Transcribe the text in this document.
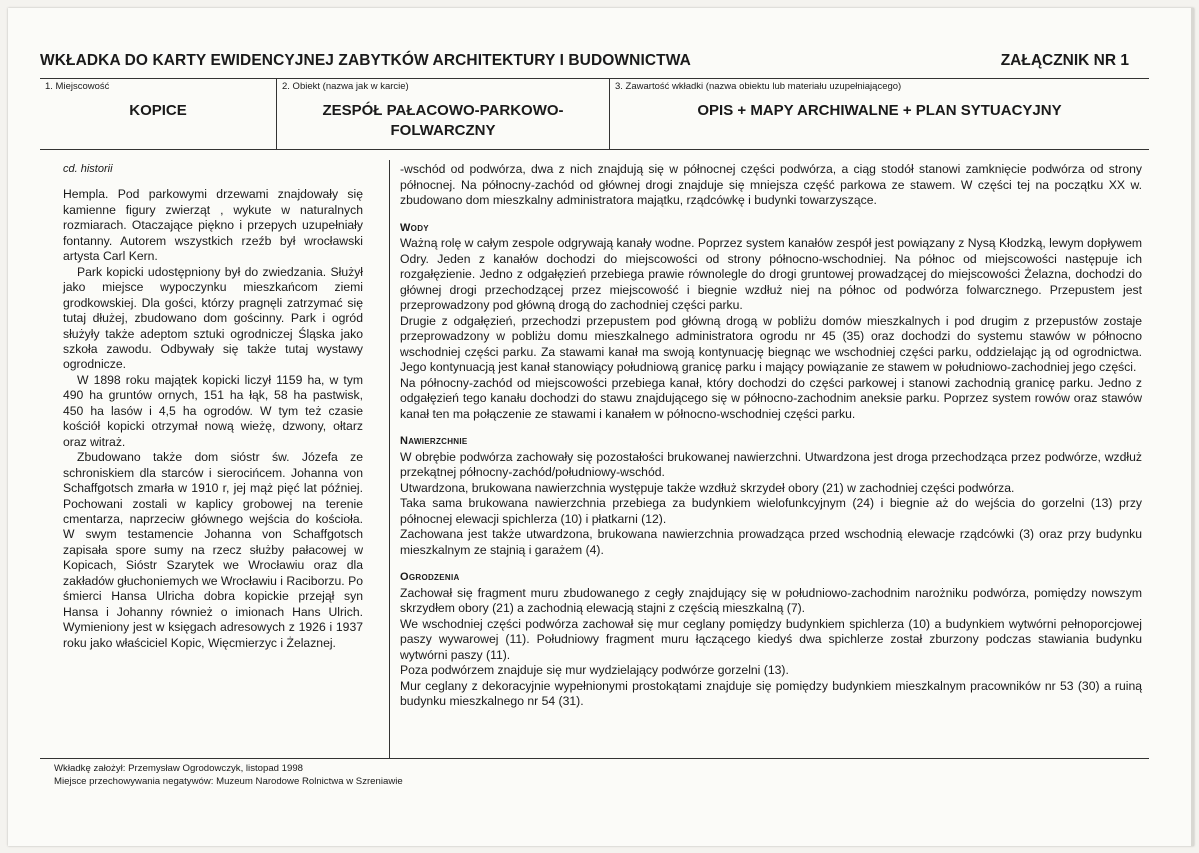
WKŁADKA DO KARTY EWIDENCYJNEJ ZABYTKÓW ARCHITEKTURY I BUDOWNICTWA	ZAŁĄCZNIK NR 1
1. Miejscowość
KOPICE
2. Obiekt (nazwa jak w karcie)
ZESPÓŁ PAŁACOWO-PARKOWO-FOLWARCZNY
3. Zawartość wkładki (nazwa obiektu lub materiału uzupełniającego)
OPIS + MAPY ARCHIWALNE + PLAN SYTUACYJNY

cd. historii

Hempla. Pod parkowymi drzewami znajdowały się kamienne figury zwierząt , wykute w naturalnych rozmiarach. Otaczające piękno i przepych uzupełniały fontanny. Autorem wszystkich rzeźb był wrocławski artysta Carl Kern.

Park kopicki udostępniony był do zwiedzania. Służył jako miejsce wypoczynku mieszkańcom ziemi grodkowskiej. Dla gości, którzy pragnęli zatrzymać się tutaj dłużej, zbudowano dom gościnny. Park i ogród służyły także adeptom sztuki ogrodniczej Śląska jako szkoła zawodu. Odbywały się także tutaj wystawy ogrodnicze.

W 1898 roku majątek kopicki liczył 1159 ha, w tym 490 ha gruntów ornych, 151 ha łąk, 58 ha pastwisk, 450 ha lasów i 4,5 ha ogrodów. W tym też czasie kościół kopicki otrzymał nową wieżę, dzwony, ołtarz oraz witraż.

Zbudowano także dom sióstr św. Józefa ze schroniskiem dla starców i sierocińcem. Johanna von Schaffgotsch zmarła w 1910 r, jej mąż pięć lat później. Pochowani zostali w kaplicy grobowej na terenie cmentarza, naprzeciw głównego wejścia do kościoła. W swym testamencie Johanna von Schaffgotsch zapisała spore sumy na rzecz służby pałacowej w Kopicach, Sióstr Szarytek we Wrocławiu oraz dla zakładów głuchoniemych we Wrocławiu i Raciborzu. Po śmierci Hansa Ulricha dobra kopickie przejął syn Hansa i Johanny również o imionach Hans Ulrich. Wymieniony jest w księgach adresowych z 1926 i 1937 roku jako właściciel Kopic, Więcmierzyc i Żelaznej.

-wschód od podwórza, dwa z nich znajdują się w północnej części podwórza, a ciąg stodół stanowi zamknięcie podwórza od strony północnej. Na północny-zachód od głównej drogi znajduje się mniejsza część parkowa ze stawem. W części tej na początku XX w. zbudowano dom mieszkalny administratora majątku, rządcówkę i budynki towarzyszące.

Wody

Ważną rolę w całym zespole odgrywają kanały wodne. Poprzez system kanałów zespół jest powiązany z Nysą Kłodzką, lewym dopływem Odry. Jeden z kanałów dochodzi do miejscowości od strony północno-wschodniej. Na północ od miejscowości następuje ich rozgałęzienie. Jedno z odgałęzień przebiega prawie równolegle do drogi gruntowej prowadzącej do miejscowości Żelazna, dochodzi do głównej drogi przechodzącej przez miejscowość i biegnie wzdłuż niej na północ od podwórza folwarcznego. Przepustem jest przeprowadzony pod główną drogą do zachodniej części parku.

Drugie z odgałęzień, przechodzi przepustem pod główną drogą w pobliżu domów mieszkalnych i pod drugim z przepustów zostaje przeprowadzony w pobliżu domu mieszkalnego administratora ogrodu nr 45 (35) oraz dochodzi do systemu stawów w północno wschodniej części parku. Za stawami kanał ma swoją kontynuację biegnąc we wschodniej części parku, oddzielając ją od ogrodnictwa. Jego kontynuacją jest kanał stanowiący południową granicę parku i mający powiązanie ze stawem w południowo-zachodniej jego części.

Na północny-zachód od miejscowości przebiega kanał, który dochodzi do części parkowej i stanowi zachodnią granicę parku. Jedno z odgałęzień tego kanału dochodzi do stawu znajdującego się w północno-zachodnim aneksie parku. Poprzez system rowów oraz stawów kanał ten ma połączenie ze stawami i kanałem w północno-wschodniej części parku.

Nawierzchnie

W obrębie podwórza zachowały się pozostałości brukowanej nawierzchni. Utwardzona jest droga przechodząca przez podwórze, wzdłuż przekątnej północny-zachód/południowy-wschód.

Utwardzona, brukowana nawierzchnia występuje także wzdłuż skrzydeł obory (21) w zachodniej części podwórza.

Taka sama brukowana nawierzchnia przebiega za budynkiem wielofunkcyjnym (24) i biegnie aż do wejścia do gorzelni (13) przy północnej elewacji spichlerza (10) i płatkarni (12).

Zachowana jest także utwardzona, brukowana nawierzchnia prowadząca przed wschodnią elewacje rządcówki (3) oraz przy budynku mieszkalnym ze stajnią i garażem (4).

Ogrodzenia

Zachował się fragment muru zbudowanego z cegły znajdujący się w południowo-zachodnim narożniku podwórza, pomiędzy nowszym skrzydłem obory (21) a zachodnią elewacją stajni z częścią mieszkalną (7).

We wschodniej części podwórza zachował się mur ceglany pomiędzy budynkiem spichlerza (10) a budynkiem wytwórni pełnoporcjowej paszy wywarowej (11). Południowy fragment muru łączącego kiedyś dwa spichlerze został zburzony podczas stawiania budynku wytwórni paszy (11).

Poza podwórzem znajduje się mur wydzielający podwórze gorzelni (13).

Mur ceglany z dekoracyjnie wypełnionymi prostokątami znajduje się pomiędzy budynkiem mieszkalnym pracowników nr 53 (30) a ruiną budynku mieszkalnego nr 54 (31).

Wkładkę założył: Przemysław Ogrodowczyk, listopad 1998
Miejsce przechowywania negatywów: Muzeum Narodowe Rolnictwa w Szreniawie
